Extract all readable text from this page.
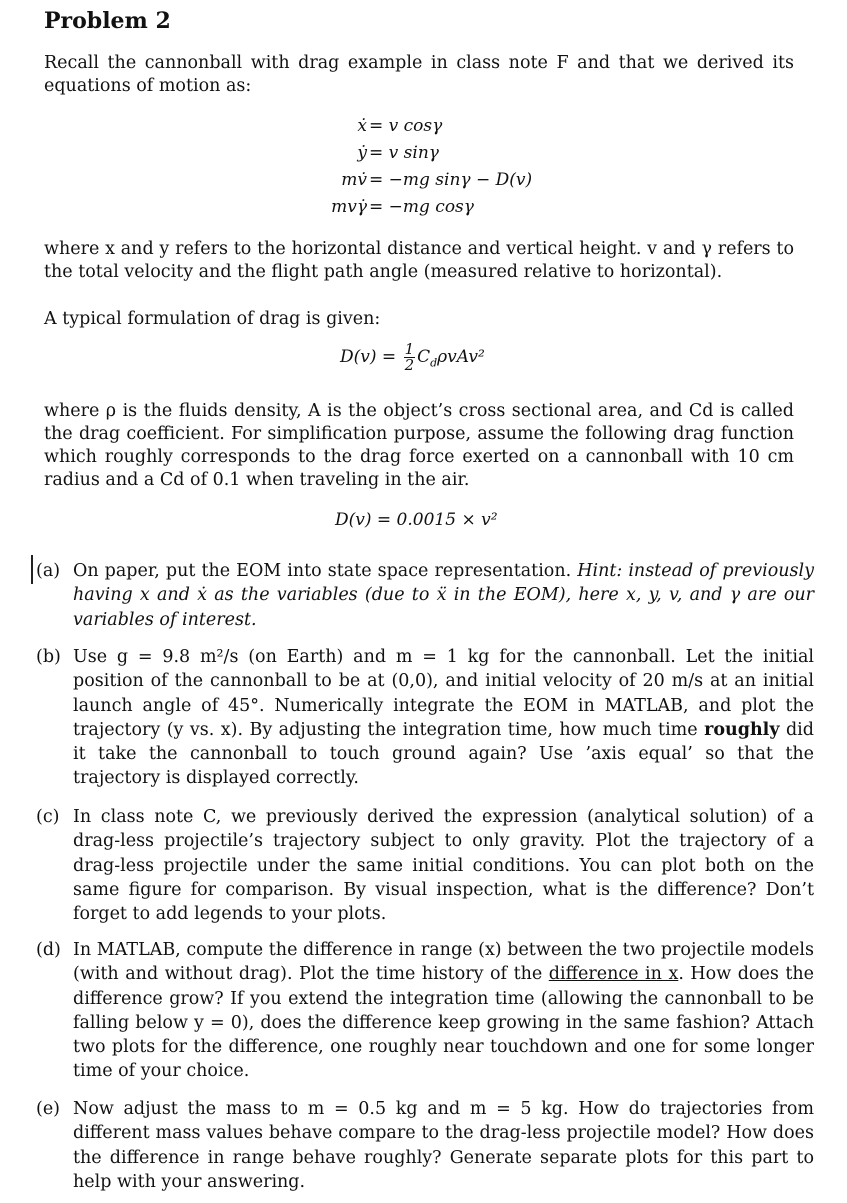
Problem 2

Recall the cannonball with drag example in class note F and that we derived its equations of motion as:

ẋ = v cosγ
ẏ = v sinγ
mv̇ = −mg sinγ − D(v)
mvγ̇ = −mg cosγ

where x and y refers to the horizontal distance and vertical height. v and γ refers to the total velocity and the flight path angle (measured relative to horizontal).

A typical formulation of drag is given:

$D(v) = \frac{1}{2} C_d\rho vAv^2$

where ρ is the fluids density, A is the object’s cross sectional area, and Cd is called the drag coefficient. For simplification purpose, assume the following drag function which roughly corresponds to the drag force exerted on a cannonball with 10 cm radius and a Cd of 0.1 when traveling in the air.

D(v) = 0.0015 × v²
(a) On paper, put the EOM into state space representation. Hint: instead of previously having x and ẋ as the variables (due to ẍ in the EOM), here x, y, v, and γ are our variables of interest.
(b) Use g = 9.8 m²/s (on Earth) and m = 1 kg for the cannonball. Let the initial position of the cannonball to be at (0,0), and initial velocity of 20 m/s at an initial launch angle of 45°. Numerically integrate the EOM in MATLAB, and plot the trajectory (y vs. x). By adjusting the integration time, how much time roughly did it take the cannonball to touch ground again? Use ’axis equal’ so that the trajectory is displayed correctly.
(c) In class note C, we previously derived the expression (analytical solution) of a drag-less projectile’s trajectory subject to only gravity. Plot the trajectory of a drag-less projectile under the same initial conditions. You can plot both on the same figure for comparison. By visual inspection, what is the difference? Don’t forget to add legends to your plots.
(d) In MATLAB, compute the difference in range (x) between the two projectile models (with and without drag). Plot the time history of the difference in x. How does the difference grow? If you extend the integration time (allowing the cannonball to be falling below y = 0), does the difference keep growing in the same fashion? Attach two plots for the difference, one roughly near touchdown and one for some longer time of your choice.
(e) Now adjust the mass to m = 0.5 kg and m = 5 kg. How do trajectories from different mass values behave compare to the drag-less projectile model? How does the difference in range behave roughly? Generate separate plots for this part to help with your answering.
